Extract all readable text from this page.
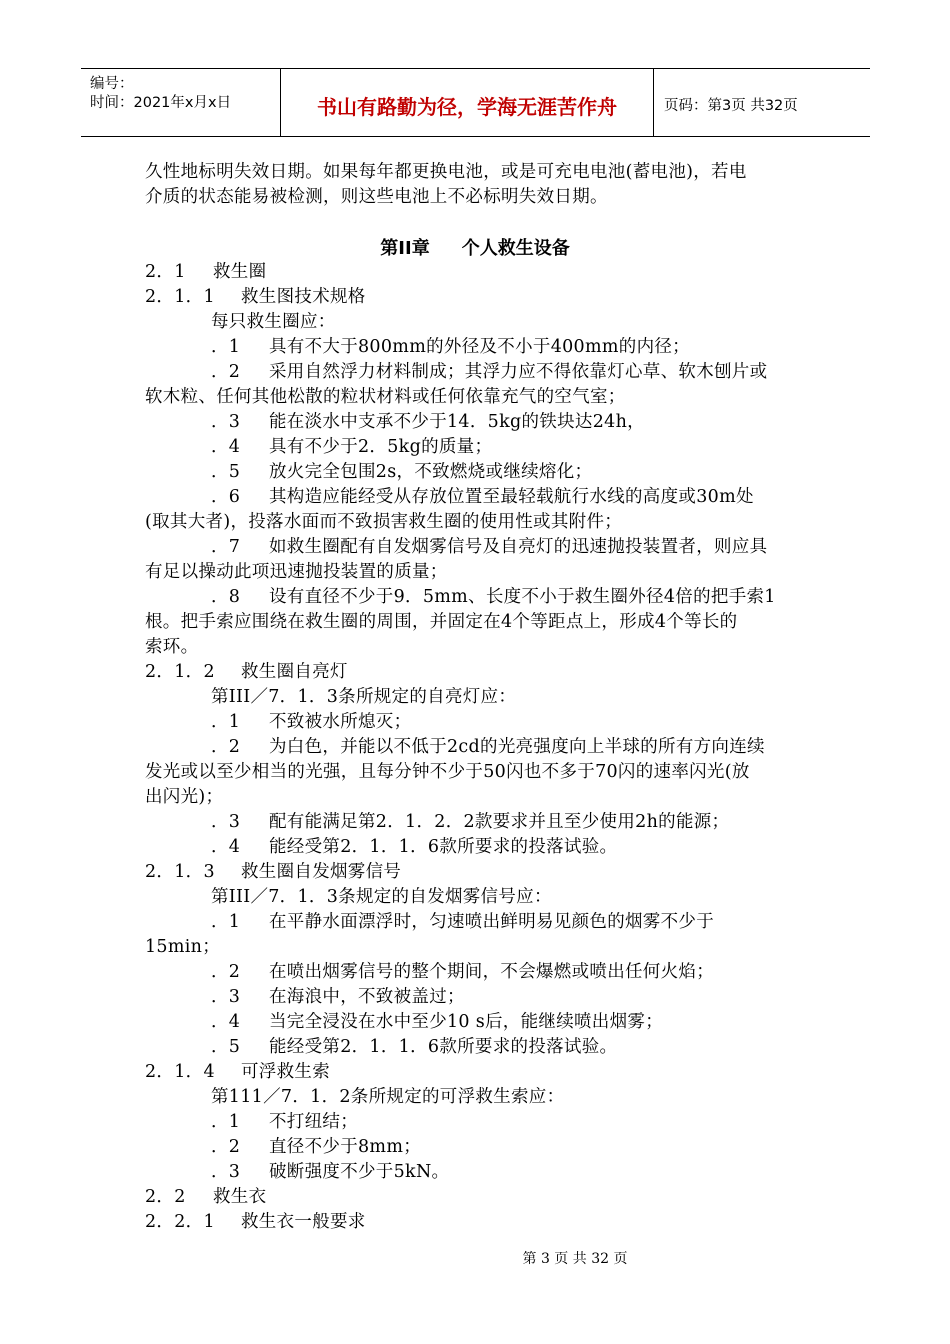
编号：
时间：2021年x月x日	书山有路勤为径，学海无涯苦作舟	页码：第3页 共32页
久性地标明失效日期。如果每年都更换电池，或是可充电电池(蓄电池)，若电
介质的状态能易被检测，则这些电池上不必标明失效日期。
第II章 个人救生设备
2．1 救生圈
2．1．1 救生图技术规格
每只救生圈应：
．1 具有不大于800mm的外径及不小于400mm的内径；
．2 采用自然浮力材料制成；其浮力应不得依靠灯心草、软木刨片或
软木粒、任何其他松散的粒状材料或任何依靠充气的空气室；
．3 能在淡水中支承不少于14．5kg的铁块达24h，
．4 具有不少于2．5kg的质量；
．5 放火完全包围2s，不致燃烧或继续熔化；
．6 其构造应能经受从存放位置至最轻载航行水线的高度或30m处
(取其大者)，投落水面而不致损害救生圈的使用性或其附件；
．7 如救生圈配有自发烟雾信号及自亮灯的迅速抛投装置者，则应具
有足以操动此项迅速抛投装置的质量；
．8 设有直径不少于9．5mm、长度不小于救生圈外径4倍的把手索1
根。把手索应围绕在救生圈的周围，并固定在4个等距点上，形成4个等长的
索环。
2．1．2 救生圈自亮灯
第III／7．1．3条所规定的自亮灯应：
．1 不致被水所熄灭；
．2 为白色，并能以不低于2cd的光亮强度向上半球的所有方向连续
发光或以至少相当的光强，且每分钟不少于50闪也不多于70闪的速率闪光(放
出闪光)；
．3 配有能满足第2．1．2．2款要求并且至少使用2h的能源；
．4 能经受第2．1．1．6款所要求的投落试验。
2．1．3 救生圈自发烟雾信号
第III／7．1．3条规定的自发烟雾信号应：
．1 在平静水面漂浮时，匀速喷出鲜明易见颜色的烟雾不少于
15min；
．2 在喷出烟雾信号的整个期间，不会爆燃或喷出任何火焰；
．3 在海浪中，不致被盖过；
．4 当完全浸没在水中至少10 s后，能继续喷出烟雾；
．5 能经受第2．1．1．6款所要求的投落试验。
2．1．4 可浮救生索
第111／7．1．2条所规定的可浮救生索应：
．1 不打纽结；
．2 直径不少于8mm；
．3 破断强度不少于5kN。
2．2 救生衣
2．2．1 救生衣一般要求
第 3 页 共 32 页
